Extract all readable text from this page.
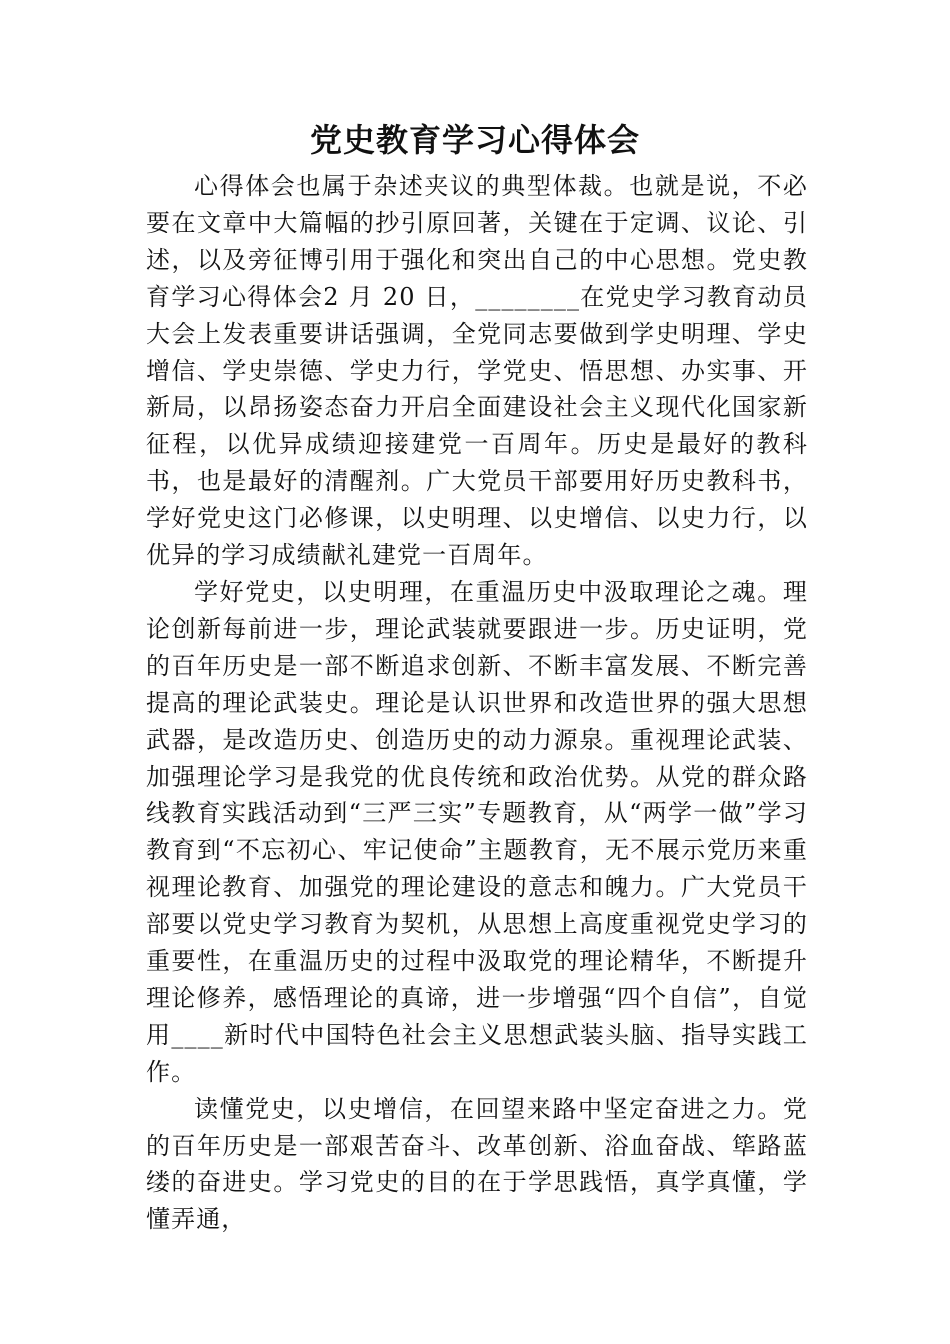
党史教育学习心得体会

心得体会也属于杂述夹议的典型体裁。也就是说，不必要在文章中大篇幅的抄引原回著，关键在于定调、议论、引述，以及旁征博引用于强化和突出自己的中心思想。党史教育学习心得体会2 月 20 日，________在党史学习教育动员大会上发表重要讲话强调，全党同志要做到学史明理、学史增信、学史崇德、学史力行，学党史、悟思想、办实事、开新局，以昂扬姿态奋力开启全面建设社会主义现代化国家新征程，以优异成绩迎接建党一百周年。历史是最好的教科书，也是最好的清醒剂。广大党员干部要用好历史教科书，学好党史这门必修课，以史明理、以史增信、以史力行，以优异的学习成绩献礼建党一百周年。

学好党史，以史明理，在重温历史中汲取理论之魂。理论创新每前进一步，理论武装就要跟进一步。历史证明，党的百年历史是一部不断追求创新、不断丰富发展、不断完善提高的理论武装史。理论是认识世界和改造世界的强大思想武器，是改造历史、创造历史的动力源泉。重视理论武装、加强理论学习是我党的优良传统和政治优势。从党的群众路线教育实践活动到“三严三实”专题教育，从“两学一做”学习教育到“不忘初心、牢记使命”主题教育，无不展示党历来重视理论教育、加强党的理论建设的意志和魄力。广大党员干部要以党史学习教育为契机，从思想上高度重视党史学习的重要性，在重温历史的过程中汲取党的理论精华，不断提升理论修养，感悟理论的真谛，进一步增强“四个自信”，自觉用____新时代中国特色社会主义思想武装头脑、指导实践工作。

读懂党史，以史增信，在回望来路中坚定奋进之力。党的百年历史是一部艰苦奋斗、改革创新、浴血奋战、筚路蓝缕的奋进史。学习党史的目的在于学思践悟，真学真懂，学懂弄通，
